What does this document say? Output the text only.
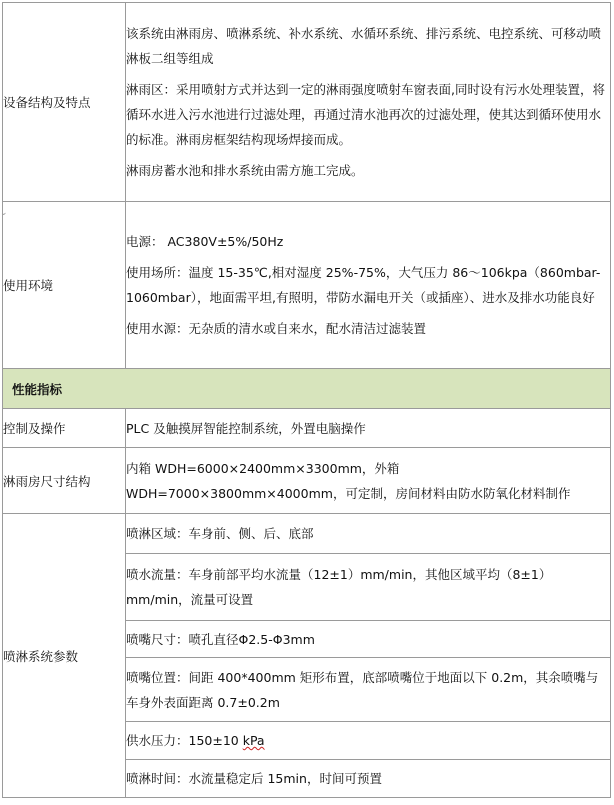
⌄
设备结构及特点	该系统由淋雨房、喷淋系统、补水系统、水循环系统、排污系统、电控系统、可移动喷淋板二组等组成

淋雨区：采用喷射方式并达到一定的淋雨强度喷射车窗表面,同时设有污水处理装置，将循环水进入污水池进行过滤处理，再通过清水池再次的过滤处理，使其达到循环使用水的标准。淋雨房框架结构现场焊接而成。

淋雨房蓄水池和排水系统由需方施工完成。

使用环境	电源： AC380V±5%/50Hz

使用场所：温度 15-35℃,相对湿度 25%-75%，大气压力 86～106kpa（860mbar-1060mbar），地面需平坦,有照明，带防水漏电开关（或插座）、进水及排水功能良好

使用水源：无杂质的清水或自来水，配水清洁过滤装置

性能指标	
控制及操作	PLC 及触摸屏智能控制系统，外置电脑操作

淋雨房尺寸结构	内箱 WDH=6000×2400mm×3300mm，外箱 WDH=7000×3800mm×4000mm，可定制，房间材料由防水防氧化材料制作

喷淋系统参数	喷淋区域：车身前、侧、后、底部

	喷水流量：车身前部平均水流量（12±1）mm/min，其他区域平均（8±1）mm/min，流量可设置

	喷嘴尺寸：喷孔直径Φ2.5-Φ3mm

	喷嘴位置：间距 400*400mm 矩形布置，底部喷嘴位于地面以下 0.2m，其余喷嘴与车身外表面距离 0.7±0.2m

	供水压力：150±10 kPa

	喷淋时间：水流量稳定后 15min，时间可预置
